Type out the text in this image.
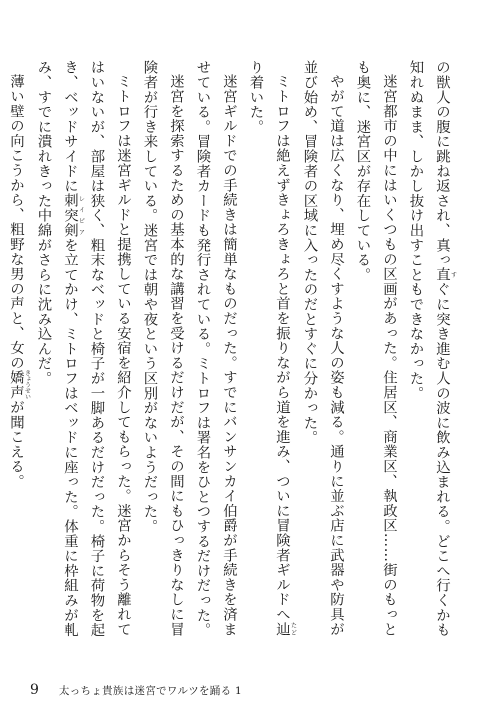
の獣人の腹に跳ね返され、真っ直 すぐに突き進む人の波に飲み込まれる。どこへ行くかも知れぬまま、しかし抜け出すこともできなかった。

迷宮都市の中にはいくつもの区画があった。住居区、商業区、執政区……街のもっとも奥に、迷宮区が存在している。

やがて道は広くなり、埋め尽くすような人の姿も減る。通りに並ぶ店に武器や防具が並び始め、冒険者の区域に入ったのだとすぐに分かった。

ミトロフは絶えずきょろきょろと首を振りながら道を進み、ついに冒険者ギルドへ辿 たどり着いた。

迷宮ギルドでの手続きは簡単なものだった。すでにバンサンカイ伯爵が手続きを済ませている。冒険者カードも発行されている。ミトロフは署名をひとつするだけだった。

迷宮を探索するための基本的な講習を受けるだけだが、その間にもひっきりなしに冒険者が行き来している。迷宮では朝や夜という区別がないようだった。

ミトロフは迷宮ギルドと提携している安宿を紹介してもらった。迷宮からそう離れてはいないが、部屋は狭く、粗末なベッドと椅子が一脚あるだけだった。椅子に荷物を起き、ベッドサイドに刺突剣 レイピアを立てかけ、ミトロフはベッドに座った。体重に枠組みが軋み、すでに潰れきった中綿がさらに沈み込んだ。

薄い壁の向こうから、粗野な男の声と、女の嬌声 きょうせいが聞こえる。

9 太っちょ貴族は迷宮でワルツを踊る 1
